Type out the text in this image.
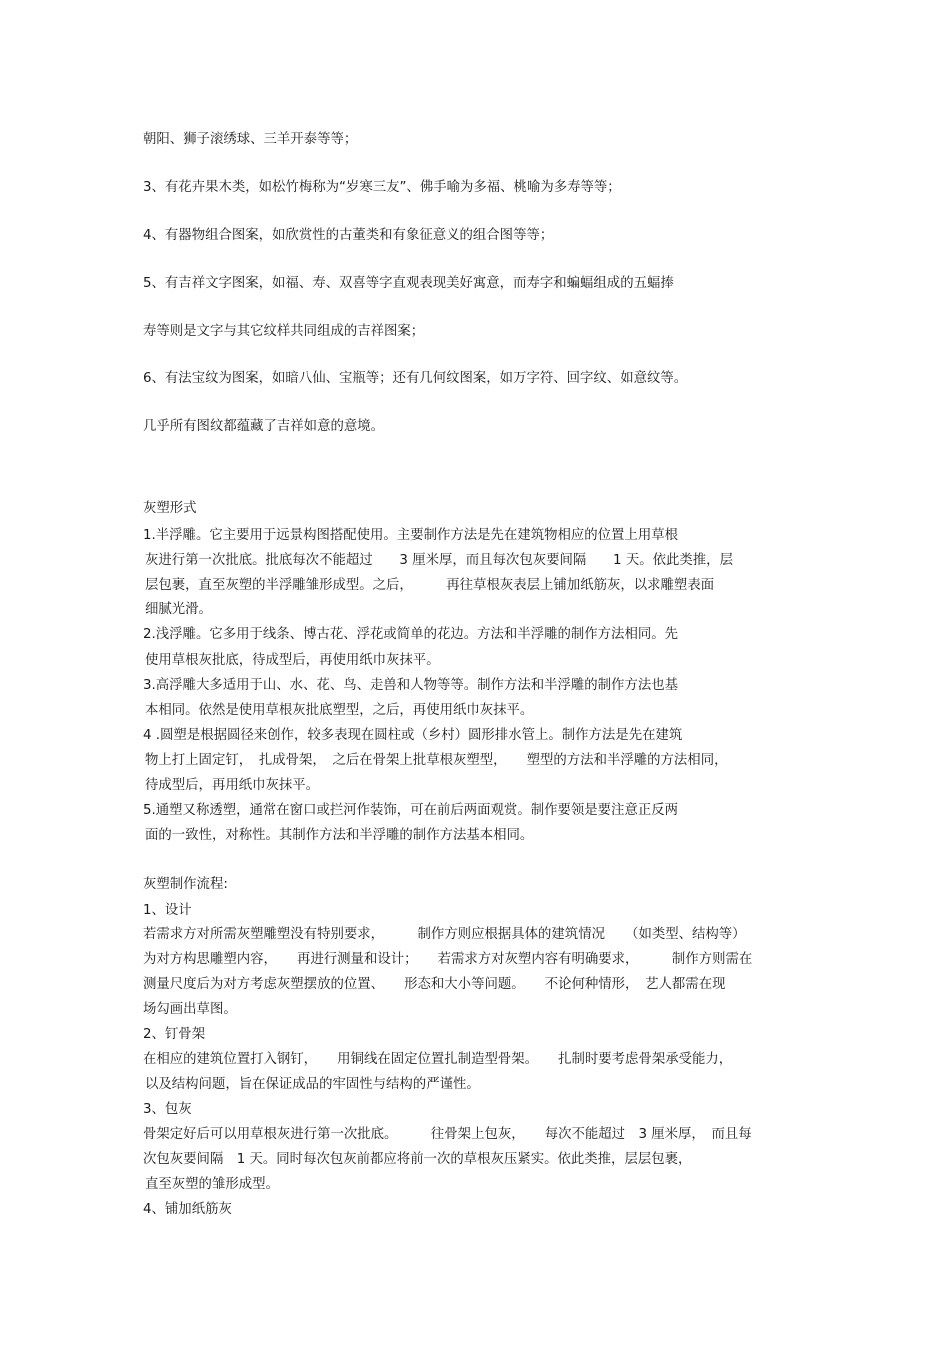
朝阳、狮子滚绣球、三羊开泰等等；

3、有花卉果木类，如松竹梅称为“岁寒三友”、佛手喻为多福、桃喻为多寿等等；

4、有器物组合图案，如欣赏性的古董类和有象征意义的组合图等等；

5、有吉祥文字图案，如福、寿、双喜等字直观表现美好寓意，而寿字和蝙蝠组成的五蝠捧

寿等则是文字与其它纹样共同组成的吉祥图案；

6、有法宝纹为图案，如暗八仙、宝瓶等；还有几何纹图案，如万字符、回字纹、如意纹等。

几乎所有图纹都蕴藏了吉祥如意的意境。

灰塑形式

1.半浮雕。它主要用于远景构图搭配使用。主要制作方法是先在建筑物相应的位置上用草根

灰进行第一次批底。批底每次不能超过　　3 厘米厚，而且每次包灰要间隔　　1 天。依此类推，层

层包裹，直至灰塑的半浮雕雏形成型。之后，　　　再往草根灰表层上铺加纸筋灰，以求雕塑表面

细腻光滑。

2.浅浮雕。它多用于线条、博古花、浮花或简单的花边。方法和半浮雕的制作方法相同。先

使用草根灰批底，待成型后，再使用纸巾灰抹平。

3.高浮雕大多适用于山、水、花、鸟、走兽和人物等等。制作方法和半浮雕的制作方法也基

本相同。依然是使用草根灰批底塑型，之后，再使用纸巾灰抹平。

4 .圆塑是根据圆径来创作，较多表现在圆柱或（乡村）圆形排水管上。制作方法是先在建筑

物上打上固定钉，　扎成骨架，　之后在骨架上批草根灰塑型，　　塑型的方法和半浮雕的方法相同，

待成型后，再用纸巾灰抹平。

5.通塑又称透塑，通常在窗口或拦河作装饰，可在前后两面观赏。制作要领是要注意正反两

面的一致性，对称性。其制作方法和半浮雕的制作方法基本相同。

灰塑制作流程:

1、设计

若需求方对所需灰塑雕塑没有特别要求，　　　制作方则应根据具体的建筑情况　　（如类型、结构等）

为对方构思雕塑内容，　　再进行测量和设计；　　若需求方对灰塑内容有明确要求，　　　制作方则需在

测量尺度后为对方考虑灰塑摆放的位置、　　形态和大小等问题。　　不论何种情形，　艺人都需在现

场勾画出草图。

2、钉骨架

在相应的建筑位置打入钢钉，　　用铜线在固定位置扎制造型骨架。　　扎制时要考虑骨架承受能力，

以及结构问题，旨在保证成品的牢固性与结构的严谨性。

3、包灰

骨架定好后可以用草根灰进行第一次批底。　　　往骨架上包灰，　　每次不能超过　3 厘米厚，　而且每

次包灰要间隔　1 天。同时每次包灰前都应将前一次的草根灰压紧实。依此类推，层层包裹，

直至灰塑的雏形成型。

4、铺加纸筋灰
